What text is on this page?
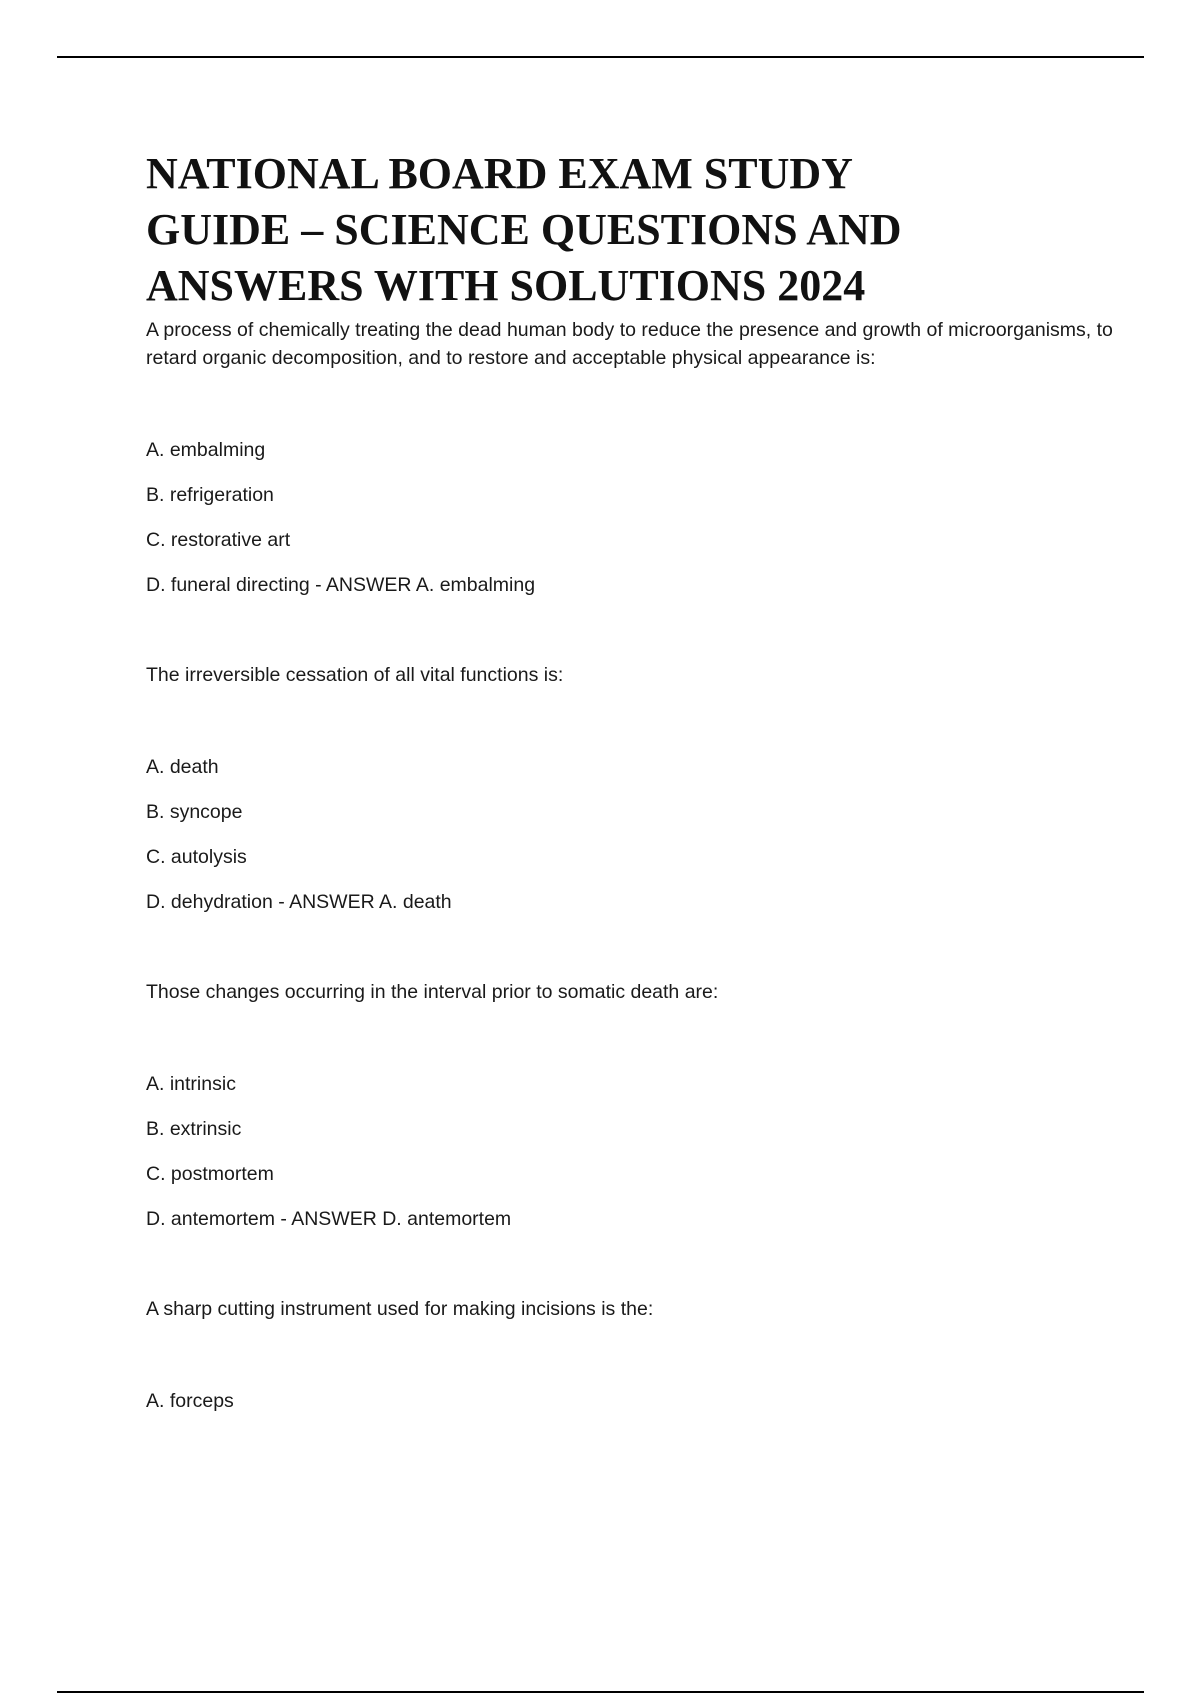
NATIONAL BOARD EXAM STUDY
GUIDE – SCIENCE QUESTIONS AND
ANSWERS WITH SOLUTIONS 2024

A process of chemically treating the dead human body to reduce the presence and growth of microorganisms, to retard organic decomposition, and to restore and acceptable physical appearance is:

A. embalming

B. refrigeration

C. restorative art

D. funeral directing - ANSWER A. embalming

The irreversible cessation of all vital functions is:

A. death

B. syncope

C. autolysis

D. dehydration - ANSWER A. death

Those changes occurring in the interval prior to somatic death are:

A. intrinsic

B. extrinsic

C. postmortem

D. antemortem - ANSWER D. antemortem

A sharp cutting instrument used for making incisions is the:

A. forceps
